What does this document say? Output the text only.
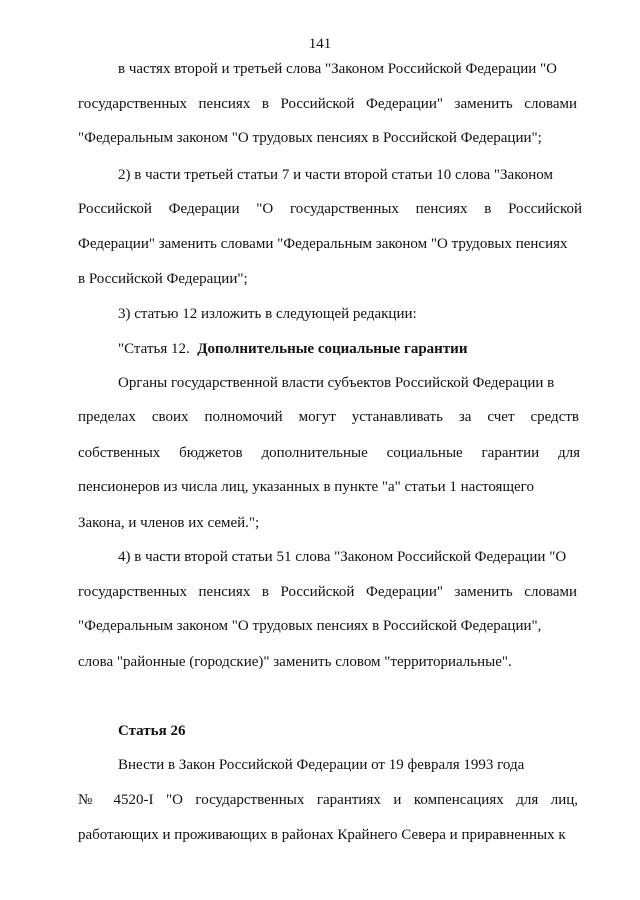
141
в частях второй и третьей слова "Законом Российской Федерации "О
государственных пенсиях в Российской Федерации" заменить словами
"Федеральным законом "О трудовых пенсиях в Российской Федерации";
2) в части третьей статьи 7 и части второй статьи 10 слова "Законом
Российской Федерации "О государственных пенсиях в Российской
Федерации" заменить словами "Федеральным законом "О трудовых пенсиях
в Российской Федерации";
3) статью 12 изложить в следующей редакции:
"Статья 12. Дополнительные социальные гарантии
Органы государственной власти субъектов Российской Федерации в
пределах своих полномочий могут устанавливать за счет средств
собственных бюджетов дополнительные социальные гарантии для
пенсионеров из числа лиц, указанных в пункте "а" статьи 1 настоящего
Закона, и членов их семей.";
4) в части второй статьи 51 слова "Законом Российской Федерации "О
государственных пенсиях в Российской Федерации" заменить словами
"Федеральным законом "О трудовых пенсиях в Российской Федерации",
слова "районные (городские)" заменить словом "территориальные".
Статья 26
Внести в Закон Российской Федерации от 19 февраля 1993 года
№ 4520-I "О государственных гарантиях и компенсациях для лиц,
работающих и проживающих в районах Крайнего Севера и приравненных к
